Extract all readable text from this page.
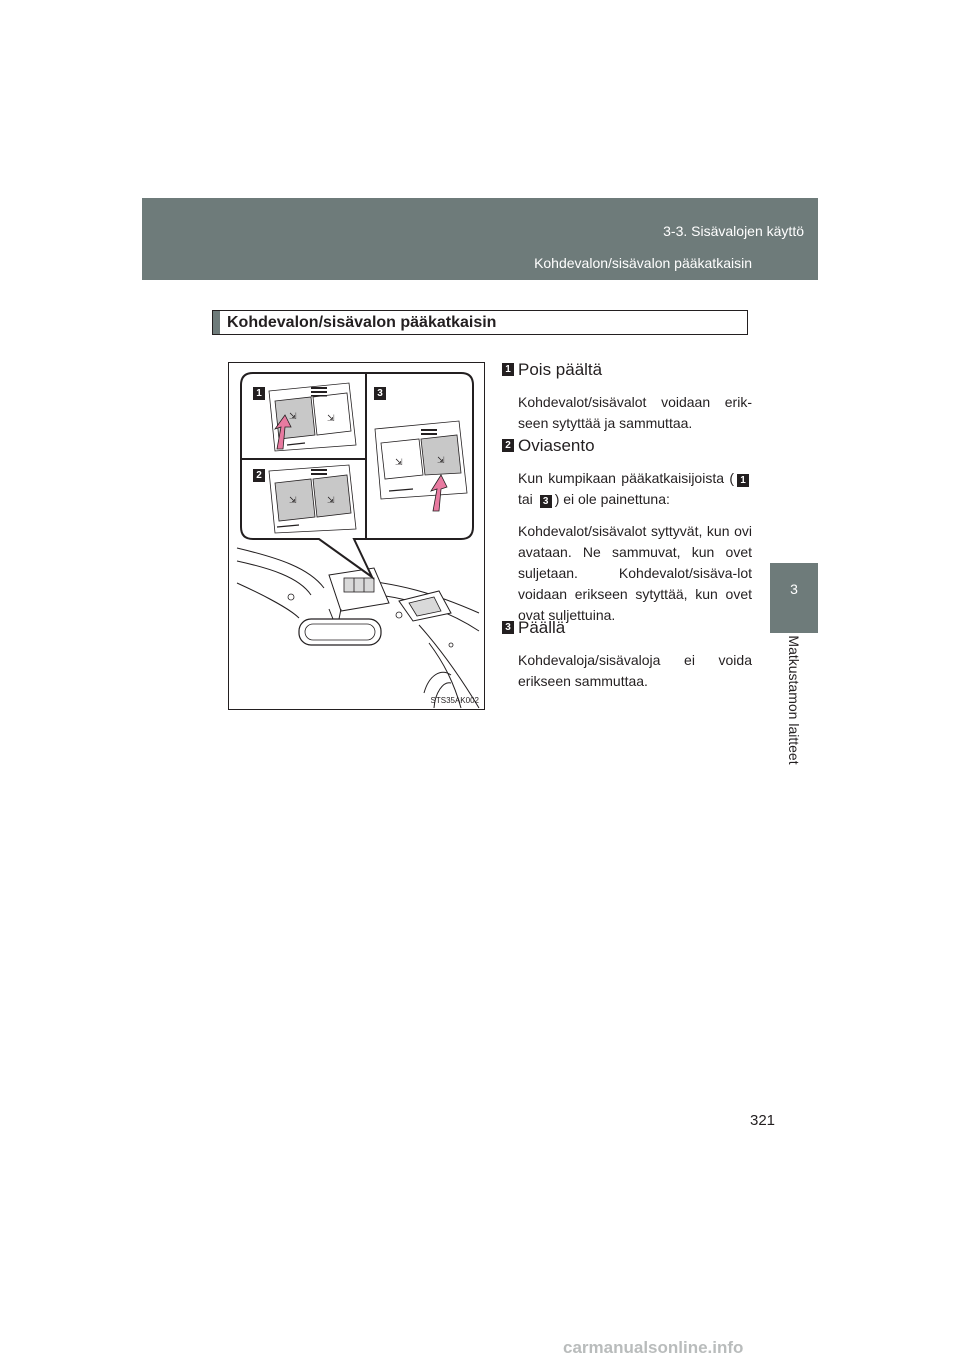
3-3. Sisävalojen käyttö
Kohdevalon/sisävalon pääkatkaisin
3
Matkustamon laitteet
Kohdevalon/sisävalon pääkatkaisin
⇲	⇲
⇲	⇲
⇲	⇲
1
2
3
STS35AK002
1 Pois päältä

Kohdevalot/sisävalot voidaan erik-seen sytyttää ja sammuttaa.

2 Oviasento

Kun kumpikaan pääkatkaisijoista ( 1 tai 3 ) ei ole painettuna:

Kohdevalot/sisävalot syttyvät, kun ovi avataan. Ne sammuvat, kun ovet suljetaan. Kohdevalot/sisäva-lot voidaan erikseen sytyttää, kun ovet ovat suljettuina.

3 Päällä

Kohdevaloja/sisävaloja ei voida erikseen sammuttaa.

321
carmanualsonline.info
